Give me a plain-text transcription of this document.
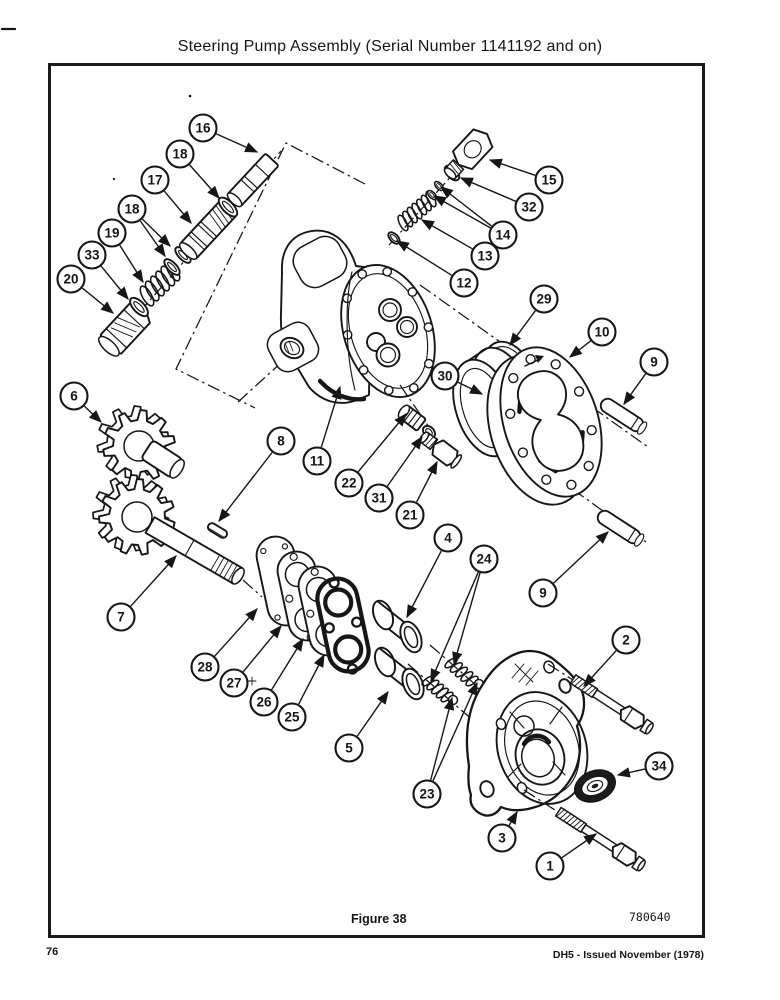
Steering Pump Assembly (Serial Number 1141192 and on)
1
2
3
4
5
6
7
8
9
9
10
11
12
13
14
15
16
17
18
18
19
20
21
22
23
24
25
26
27
28
29
30
31
32
33
34
Figure 38	780640
76	DH5 - Issued November (1978)
